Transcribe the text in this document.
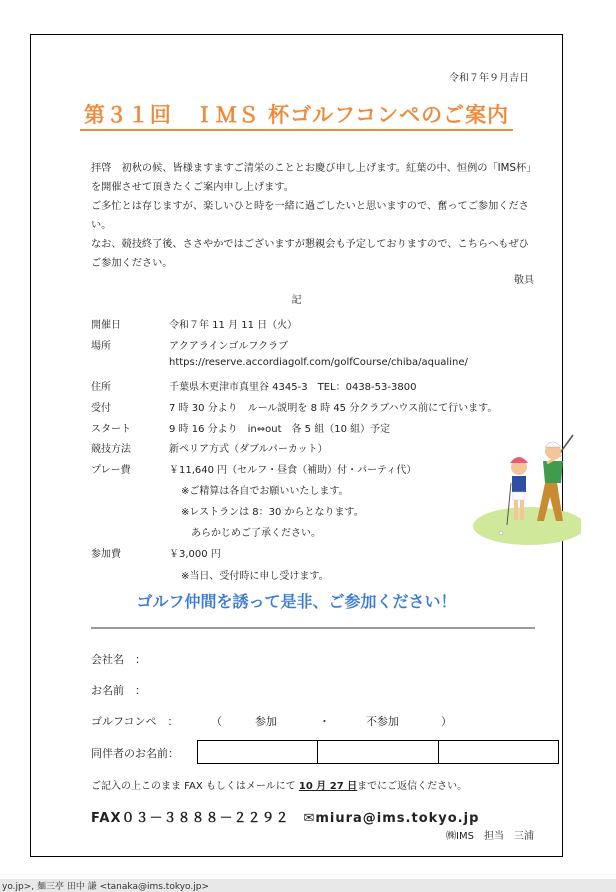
令和７年９月吉日
第３１回　ＩＭＳ 杯ゴルフコンペのご案内

拝啓　初秋の候、皆様ますますご清栄のこととお慶び申し上げます。紅葉の中、恒例の「IMS杯」を開催させて頂きたくご案内申し上げます。

ご多忙とは存じますが、楽しいひと時を一緒に過ごしたいと思いますので、奮ってご参加ください。

なお、競技終了後、ささやかではございますが懇親会も予定しておりますので、こちらへもぜひご参加ください。

敬具
記
開催日	令和７年 11 月 11 日（火）
場所	アクアラインゴルフクラブ
https://reserve.accordiagolf.com/golfCourse/chiba/aqualine/
住所	千葉県木更津市真里谷 4345-3　TEL：0438-53-3800
受付	7 時 30 分より　ルール説明を 8 時 45 分クラブハウス前にて行います。
スタート	9 時 16 分より　in⇔out　各 5 組（10 組）予定
競技方法	新ペリア方式（ダブルパーカット）
プレー費	￥11,640 円（セルフ・昼食（補助）付・パーティ代）
※ご精算は各自でお願いいたします。
※レストランは 8：30 からとなります。
あらかじめご了承ください。
参加費	￥3,000 円
※当日、受付時に申し受けます。
ゴルフ仲間を誘って是非、ご参加ください！
会社名　：
お名前　：
ゴルフコンペ　：	（	参加	・	不参加	）
同伴者のお名前：
ご記入の上このまま FAX もしくはメールにて 10 月 27 日までにご返信ください。
FAX０３－３８８８－２２９２　✉miura@ims.tokyo.jp
㈱IMS　担当　三浦
yo.jp>, 麺三亭 田中 謙 <tanaka@ims.tokyo.jp>
